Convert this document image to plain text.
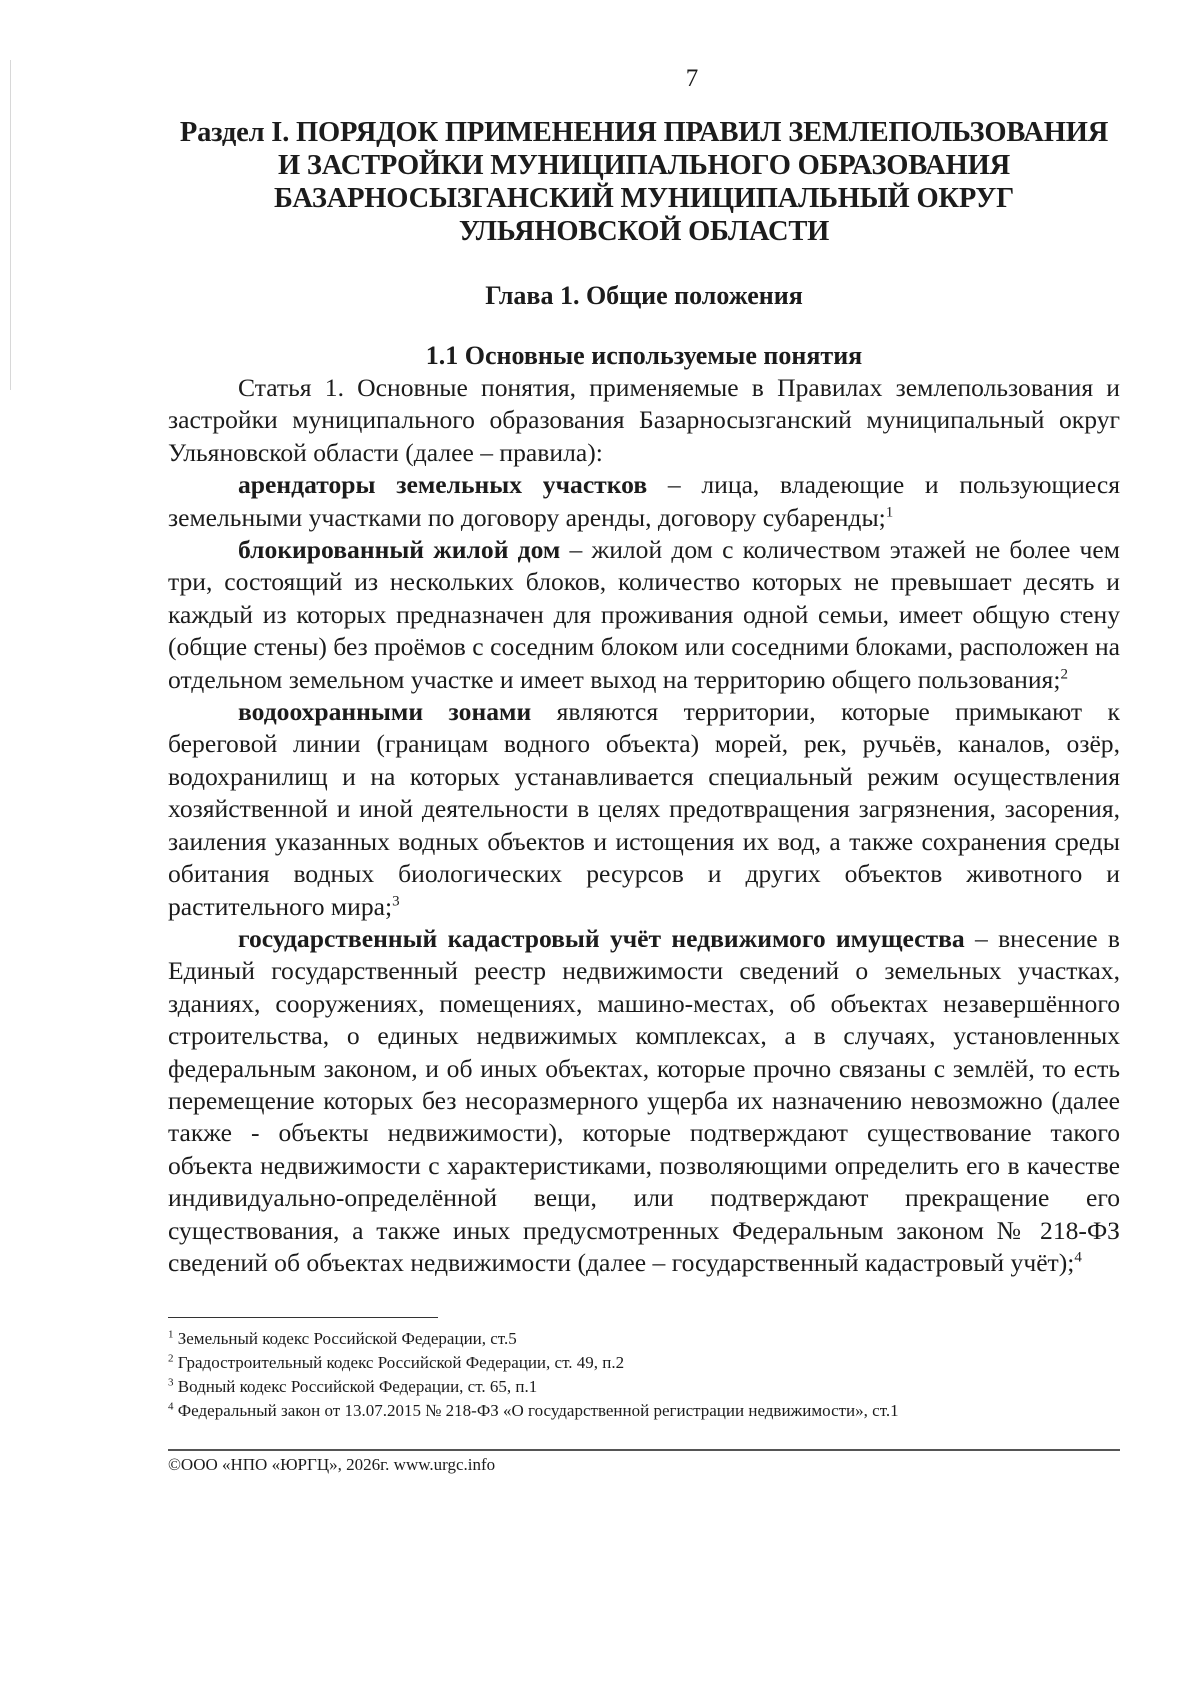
7
Раздел I. ПОРЯДОК ПРИМЕНЕНИЯ ПРАВИЛ ЗЕМЛЕПОЛЬЗОВАНИЯ
И ЗАСТРОЙКИ МУНИЦИПАЛЬНОГО ОБРАЗОВАНИЯ
БАЗАРНОСЫЗГАНСКИЙ МУНИЦИПАЛЬНЫЙ ОКРУГ
УЛЬЯНОВСКОЙ ОБЛАСТИ
Глава 1. Общие положения
1.1 Основные используемые понятия

Статья 1. Основные понятия, применяемые в Правилах землепользования и застройки муниципального образования Базарносызганский муниципальный округ Ульяновской области (далее – правила):

арендаторы земельных участков – лица, владеющие и пользующиеся земельными участками по договору аренды, договору субаренды;$^1$

блокированный жилой дом – жилой дом с количеством этажей не более чем три, состоящий из нескольких блоков, количество которых не превышает десять и каждый из которых предназначен для проживания одной семьи, имеет общую стену (общие стены) без проёмов с соседним блоком или соседними блоками, расположен на отдельном земельном участке и имеет выход на территорию общего пользования;$^2$

водоохранными зонами являются территории, которые примыкают к береговой линии (границам водного объекта) морей, рек, ручьёв, каналов, озёр, водохранилищ и на которых устанавливается специальный режим осуществления хозяйственной и иной деятельности в целях предотвращения загрязнения, засорения, заиления указанных водных объектов и истощения их вод, а также сохранения среды обитания водных биологических ресурсов и других объектов животного и растительного мира;$^3$

государственный кадастровый учёт недвижимого имущества – внесение в Единый государственный реестр недвижимости сведений о земельных участках, зданиях, сооружениях, помещениях, машино-местах, об объектах незавершённого строительства, о единых недвижимых комплексах, а в случаях, установленных федеральным законом, и об иных объектах, которые прочно связаны с землёй, то есть перемещение которых без несоразмерного ущерба их назначению невозможно (далее также - объекты недвижимости), которые подтверждают существование такого объекта недвижимости с характеристиками, позволяющими определить его в качестве индивидуально-определённой вещи, или подтверждают прекращение его существования, а также иных предусмотренных Федеральным законом № 218-ФЗ сведений об объектах недвижимости (далее – государственный кадастровый учёт);$^4$

$^1$ Земельный кодекс Российской Федерации, ст.5

$^2$ Градостроительный кодекс Российской Федерации, ст. 49, п.2

$^3$ Водный кодекс Российской Федерации, ст. 65, п.1

$^4$ Федеральный закон от 13.07.2015 № 218-ФЗ «О государственной регистрации недвижимости», ст.1

©ООО «НПО «ЮРГЦ», 2026г. www.urgc.info
